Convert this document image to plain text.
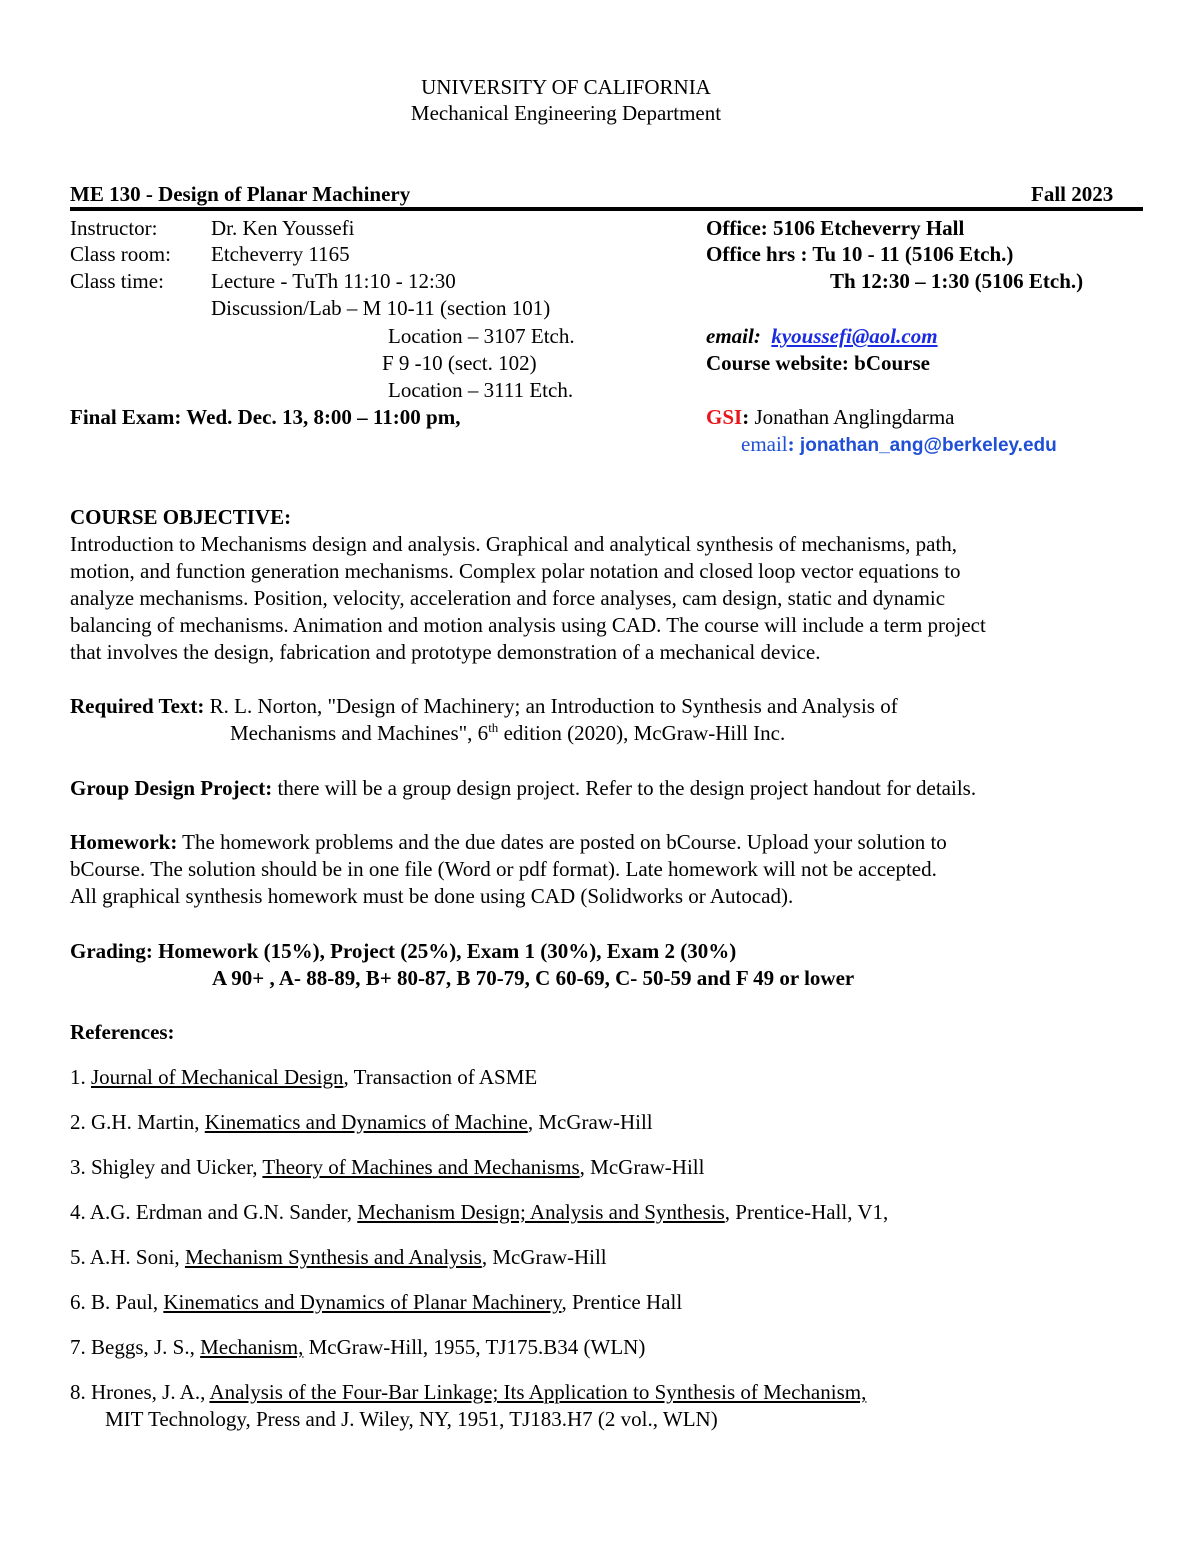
UNIVERSITY OF CALIFORNIA
Mechanical Engineering Department
ME 130 - Design of Planar Machinery	Fall 2023
Instructor:	Dr. Ken Youssefi
Class room: Etcheverry 1165
Class time: Lecture - TuTh 11:10 - 12:30
Discussion/Lab – M 10-11 (section 101)
Location – 3107 Etch.
F 9 -10 (sect. 102)
Location – 3111 Etch.
Final Exam: Wed. Dec. 13, 8:00 – 11:00 pm,
Office: 5106 Etcheverry Hall
Office hrs : Tu 10 - 11 (5106 Etch.)
Th 12:30 – 1:30 (5106 Etch.)
email: kyoussefi@aol.com
Course website: bCourse
GSI: Jonathan Anglingdarma
email: jonathan_ang@berkeley.edu
COURSE OBJECTIVE:
Introduction to Mechanisms design and analysis. Graphical and analytical synthesis of mechanisms, path,
motion, and function generation mechanisms. Complex polar notation and closed loop vector equations to
analyze mechanisms. Position, velocity, acceleration and force analyses, cam design, static and dynamic
balancing of mechanisms. Animation and motion analysis using CAD. The course will include a term project
that involves the design, fabrication and prototype demonstration of a mechanical device.
Required Text: R. L. Norton, "Design of Machinery; an Introduction to Synthesis and Analysis of
Mechanisms and Machines", 6th edition (2020), McGraw-Hill Inc.
Group Design Project: there will be a group design project. Refer to the design project handout for details.
Homework: The homework problems and the due dates are posted on bCourse. Upload your solution to
bCourse. The solution should be in one file (Word or pdf format). Late homework will not be accepted.
All graphical synthesis homework must be done using CAD (Solidworks or Autocad).
Grading: Homework (15%), Project (25%), Exam 1 (30%), Exam 2 (30%)
A 90+ , A- 88-89, B+ 80-87, B 70-79, C 60-69, C- 50-59 and F 49 or lower
References:
1. Journal of Mechanical Design, Transaction of ASME
2. G.H. Martin, Kinematics and Dynamics of Machine, McGraw-Hill
3. Shigley and Uicker, Theory of Machines and Mechanisms, McGraw-Hill
4. A.G. Erdman and G.N. Sander, Mechanism Design; Analysis and Synthesis, Prentice-Hall, V1,
5. A.H. Soni, Mechanism Synthesis and Analysis, McGraw-Hill
6. B. Paul, Kinematics and Dynamics of Planar Machinery, Prentice Hall
7. Beggs, J. S., Mechanism, McGraw-Hill, 1955, TJ175.B34 (WLN)
8. Hrones, J. A., Analysis of the Four-Bar Linkage; Its Application to Synthesis of Mechanism,
MIT Technology, Press and J. Wiley, NY, 1951, TJ183.H7 (2 vol., WLN)
